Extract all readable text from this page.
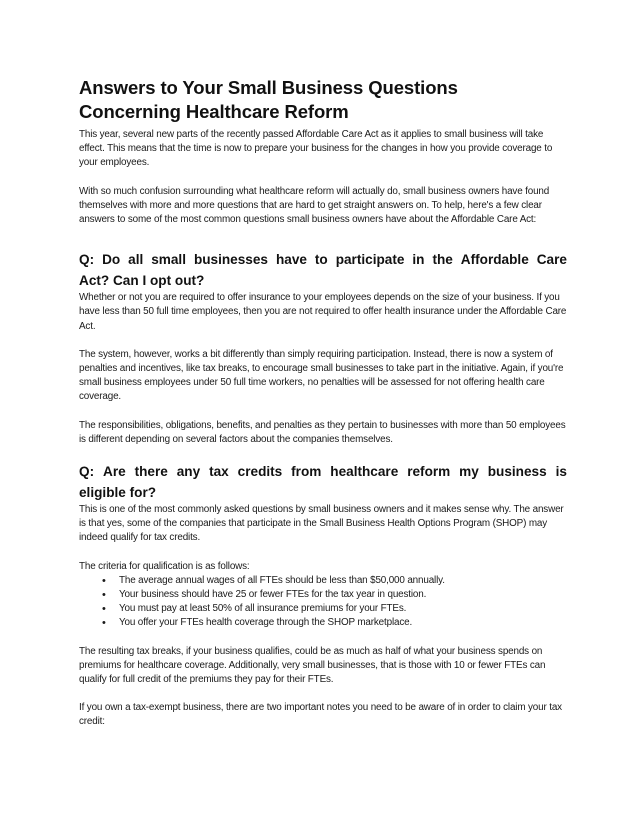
Answers to Your Small Business Questions
Concerning Healthcare Reform

This year, several new parts of the recently passed Affordable Care Act as it applies to small business will take effect. This means that the time is now to prepare your business for the changes in how you provide coverage to your employees.

With so much confusion surrounding what healthcare reform will actually do, small business owners have found themselves with more and more questions that are hard to get straight answers on. To help, here's a few clear answers to some of the most common questions small business owners have about the Affordable Care Act:

Q: Do all small businesses have to participate in the Affordable Care
Act? Can I opt out?

Whether or not you are required to offer insurance to your employees depends on the size of your business. If you have less than 50 full time employees, then you are not required to offer health insurance under the Affordable Care Act.

The system, however, works a bit differently than simply requiring participation. Instead, there is now a system of penalties and incentives, like tax breaks, to encourage small businesses to take part in the initiative. Again, if you're small business employees under 50 full time workers, no penalties will be assessed for not offering health care coverage.

The responsibilities, obligations, benefits, and penalties as they pertain to businesses with more than 50 employees is different depending on several factors about the companies themselves.

Q: Are there any tax credits from healthcare reform my business is
eligible for?

This is one of the most commonly asked questions by small business owners and it makes sense why. The answer is that yes, some of the companies that participate in the Small Business Health Options Program (SHOP) may indeed qualify for tax credits.

The criteria for qualification is as follows:

• The average annual wages of all FTEs should be less than $50,000 annually.
• Your business should have 25 or fewer FTEs for the tax year in question.
• You must pay at least 50% of all insurance premiums for your FTEs.
• You offer your FTEs health coverage through the SHOP marketplace.

The resulting tax breaks, if your business qualifies, could be as much as half of what your business spends on premiums for healthcare coverage. Additionally, very small businesses, that is those with 10 or fewer FTEs can qualify for full credit of the premiums they pay for their FTEs.

If you own a tax-exempt business, there are two important notes you need to be aware of in order to claim your tax credit:
